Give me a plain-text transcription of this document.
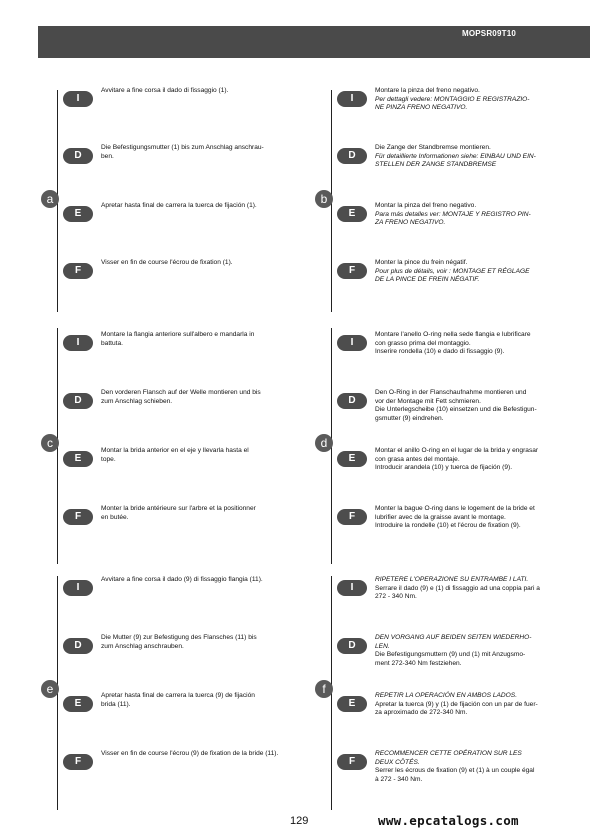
MOPSR09T10
a	b
c	d
e	f
I
Avvitare a fine corsa il dado di fissaggio (1).
D
Die Befestigungsmutter (1) bis zum Anschlag anschrau-
ben.
E
Apretar hasta final de carrera la tuerca de fijación (1).
F
Visser en fin de course l'écrou de fixation (1).
I
Montare la pinza del freno negativo.
Per dettagli vedere: MONTAGGIO E REGISTRAZIO-
NE PINZA FRENO NEGATIVO.
D
Die Zange der Standbremse montieren.
Für detaillierte Informationen siehe: EINBAU UND EIN-
STELLEN DER ZANGE STANDBREMSE
E
Montar la pinza del freno negativo.
Para más detalles ver: MONTAJE Y REGISTRO PIN-
ZA FRENO NEGATIVO.
F
Monter la pince du frein négatif.
Pour plus de détails, voir : MONTAGE ET RÉGLAGE
DE LA PINCE DE FREIN NÉGATIF.
I
Montare la flangia anteriore sull'albero e mandarla in
battuta.
D
Den vorderen Flansch auf der Welle montieren und bis
zum Anschlag schieben.
E
Montar la brida anterior en el eje y llevarla hasta el
tope.
F
Monter la bride antérieure sur l'arbre et la positionner
en butée.
I
Montare l'anello O-ring nella sede flangia e lubrificare
con grasso prima del montaggio.
Inserire rondella (10) e dado di fissaggio (9).
D
Den O-Ring in der Flanschaufnahme montieren und
vor der Montage mit Fett schmieren.
Die Unterlegscheibe (10) einsetzen und die Befestigun-
gsmutter (9) eindrehen.
E
Montar el anillo O-ring en el lugar de la brida y engrasar
con grasa antes del montaje.
Introducir arandela (10) y tuerca de fijación (9).
F
Monter la bague O-ring dans le logement de la bride et
lubrifier avec de la graisse avant le montage.
Introduire la rondelle (10) et l'écrou de fixation (9).
I
Avvitare a fine corsa il dado (9) di fissaggio flangia (11).
D
Die Mutter (9) zur Befestigung des Flansches (11) bis
zum Anschlag anschrauben.
E
Apretar hasta final de carrera la tuerca (9) de fijación
brida (11).
F
Visser en fin de course l'écrou (9) de fixation de la bride (11).
I
RIPETERE L'OPERAZIONE SU ENTRAMBE I LATI.
Serrare il dado (9) e (1) di fissaggio ad una coppia pari a
272 - 340 Nm.
D
DEN VORGANG AUF BEIDEN SEITEN WIEDERHO-
LEN.
Die Befestigungsmuttern (9) und (1) mit Anzugsmo-
ment 272-340 Nm festziehen.
E
REPETIR LA OPERACIÓN EN AMBOS LADOS.
Apretar la tuerca (9) y (1) de fijación con un par de fuer-
za aproximado de 272-340 Nm.
F
RECOMMENCER CETTE OPÉRATION SUR LES
DEUX CÔTÉS.
Serrer les écrous de fixation (9) et (1) à un couple égal
à 272 - 340 Nm.
129	www.epcatalogs.com
